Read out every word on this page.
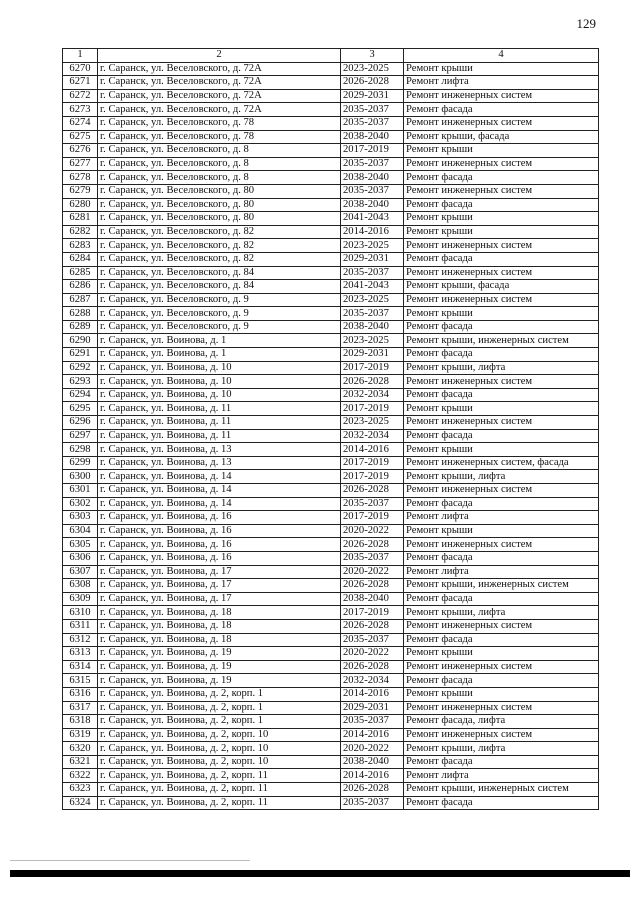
129
1	2	3	4
6270	г. Саранск, ул. Веселовского, д. 72А	2023-2025	Ремонт крыши
6271	г. Саранск, ул. Веселовского, д. 72А	2026-2028	Ремонт лифта
6272	г. Саранск, ул. Веселовского, д. 72А	2029-2031	Ремонт инженерных систем
6273	г. Саранск, ул. Веселовского, д. 72А	2035-2037	Ремонт фасада
6274	г. Саранск, ул. Веселовского, д. 78	2035-2037	Ремонт инженерных систем
6275	г. Саранск, ул. Веселовского, д. 78	2038-2040	Ремонт крыши, фасада
6276	г. Саранск, ул. Веселовского, д. 8	2017-2019	Ремонт крыши
6277	г. Саранск, ул. Веселовского, д. 8	2035-2037	Ремонт инженерных систем
6278	г. Саранск, ул. Веселовского, д. 8	2038-2040	Ремонт фасада
6279	г. Саранск, ул. Веселовского, д. 80	2035-2037	Ремонт инженерных систем
6280	г. Саранск, ул. Веселовского, д. 80	2038-2040	Ремонт фасада
6281	г. Саранск, ул. Веселовского, д. 80	2041-2043	Ремонт крыши
6282	г. Саранск, ул. Веселовского, д. 82	2014-2016	Ремонт крыши
6283	г. Саранск, ул. Веселовского, д. 82	2023-2025	Ремонт инженерных систем
6284	г. Саранск, ул. Веселовского, д. 82	2029-2031	Ремонт фасада
6285	г. Саранск, ул. Веселовского, д. 84	2035-2037	Ремонт инженерных систем
6286	г. Саранск, ул. Веселовского, д. 84	2041-2043	Ремонт крыши, фасада
6287	г. Саранск, ул. Веселовского, д. 9	2023-2025	Ремонт инженерных систем
6288	г. Саранск, ул. Веселовского, д. 9	2035-2037	Ремонт крыши
6289	г. Саранск, ул. Веселовского, д. 9	2038-2040	Ремонт фасада
6290	г. Саранск, ул. Воинова, д. 1	2023-2025	Ремонт крыши, инженерных систем
6291	г. Саранск, ул. Воинова, д. 1	2029-2031	Ремонт фасада
6292	г. Саранск, ул. Воинова, д. 10	2017-2019	Ремонт крыши, лифта
6293	г. Саранск, ул. Воинова, д. 10	2026-2028	Ремонт инженерных систем
6294	г. Саранск, ул. Воинова, д. 10	2032-2034	Ремонт фасада
6295	г. Саранск, ул. Воинова, д. 11	2017-2019	Ремонт крыши
6296	г. Саранск, ул. Воинова, д. 11	2023-2025	Ремонт инженерных систем
6297	г. Саранск, ул. Воинова, д. 11	2032-2034	Ремонт фасада
6298	г. Саранск, ул. Воинова, д. 13	2014-2016	Ремонт крыши
6299	г. Саранск, ул. Воинова, д. 13	2017-2019	Ремонт инженерных систем, фасада
6300	г. Саранск, ул. Воинова, д. 14	2017-2019	Ремонт крыши, лифта
6301	г. Саранск, ул. Воинова, д. 14	2026-2028	Ремонт инженерных систем
6302	г. Саранск, ул. Воинова, д. 14	2035-2037	Ремонт фасада
6303	г. Саранск, ул. Воинова, д. 16	2017-2019	Ремонт лифта
6304	г. Саранск, ул. Воинова, д. 16	2020-2022	Ремонт крыши
6305	г. Саранск, ул. Воинова, д. 16	2026-2028	Ремонт инженерных систем
6306	г. Саранск, ул. Воинова, д. 16	2035-2037	Ремонт фасада
6307	г. Саранск, ул. Воинова, д. 17	2020-2022	Ремонт лифта
6308	г. Саранск, ул. Воинова, д. 17	2026-2028	Ремонт крыши, инженерных систем
6309	г. Саранск, ул. Воинова, д. 17	2038-2040	Ремонт фасада
6310	г. Саранск, ул. Воинова, д. 18	2017-2019	Ремонт крыши, лифта
6311	г. Саранск, ул. Воинова, д. 18	2026-2028	Ремонт инженерных систем
6312	г. Саранск, ул. Воинова, д. 18	2035-2037	Ремонт фасада
6313	г. Саранск, ул. Воинова, д. 19	2020-2022	Ремонт крыши
6314	г. Саранск, ул. Воинова, д. 19	2026-2028	Ремонт инженерных систем
6315	г. Саранск, ул. Воинова, д. 19	2032-2034	Ремонт фасада
6316	г. Саранск, ул. Воинова, д. 2, корп. 1	2014-2016	Ремонт крыши
6317	г. Саранск, ул. Воинова, д. 2, корп. 1	2029-2031	Ремонт инженерных систем
6318	г. Саранск, ул. Воинова, д. 2, корп. 1	2035-2037	Ремонт фасада, лифта
6319	г. Саранск, ул. Воинова, д. 2, корп. 10	2014-2016	Ремонт инженерных систем
6320	г. Саранск, ул. Воинова, д. 2, корп. 10	2020-2022	Ремонт крыши, лифта
6321	г. Саранск, ул. Воинова, д. 2, корп. 10	2038-2040	Ремонт фасада
6322	г. Саранск, ул. Воинова, д. 2, корп. 11	2014-2016	Ремонт лифта
6323	г. Саранск, ул. Воинова, д. 2, корп. 11	2026-2028	Ремонт крыши, инженерных систем
6324	г. Саранск, ул. Воинова, д. 2, корп. 11	2035-2037	Ремонт фасада
